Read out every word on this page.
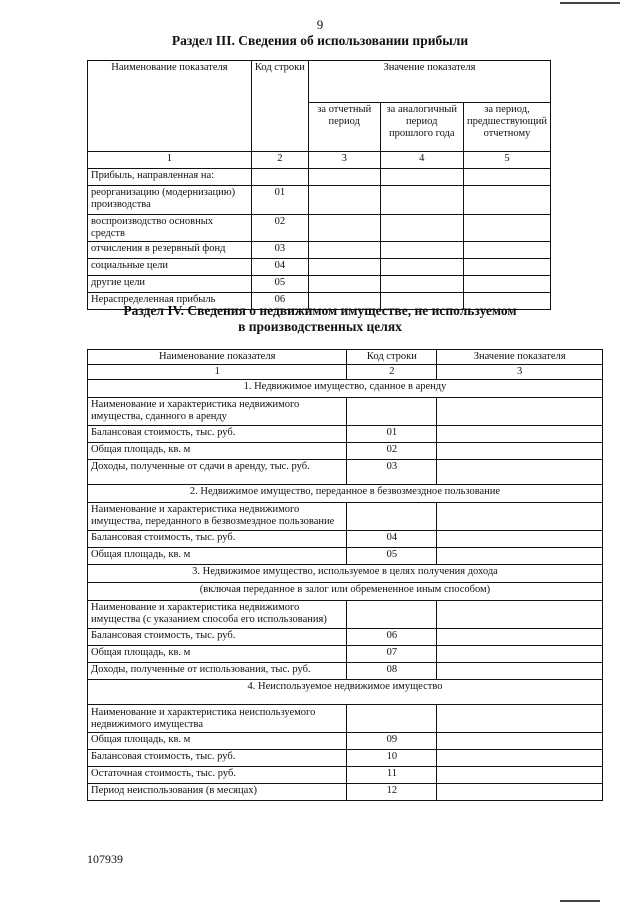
9
Раздел III. Сведения об использовании прибыли
Наименование показателя	Код строки	Значение показателя		
		за отчетный период	за аналогичный период прошлого года	за период, предшествующий отчетному
1	2	3	4	5
Прибыль, направленная на:				
реорганизацию (модернизацию) производства	01			
воспроизводство основных средств	02			
отчисления в резервный фонд	03			
социальные цели	04			
другие цели	05			
Нераспределенная прибыль	06			
Раздел IV. Сведения о недвижимом имуществе, не используемом
в производственных целях
Наименование показателя	Код строки	Значение показателя
1	2	3
1. Недвижимое имущество, сданное в аренду		
Наименование и характеристика недвижимого имущества, сданного в аренду		
Балансовая стоимость, тыс. руб.	01	
Общая площадь, кв. м	02	
Доходы, полученные от сдачи в аренду, тыс. руб.	03	
2. Недвижимое имущество, переданное в безвозмездное пользование		
Наименование и характеристика недвижимого имущества, переданного в безвозмездное пользование		
Балансовая стоимость, тыс. руб.	04	
Общая площадь, кв. м	05	
3. Недвижимое имущество, используемое в целях получения дохода		
(включая переданное в залог или обремененное иным способом)		
Наименование и характеристика недвижимого имущества (с указанием способа его использования)		
Балансовая стоимость, тыс. руб.	06	
Общая площадь, кв. м	07	
Доходы, полученные от использования, тыс. руб.	08	
4. Неиспользуемое недвижимое имущество		
Наименование и характеристика неиспользуемого недвижимого имущества		
Общая площадь, кв. м	09	
Балансовая стоимость, тыс. руб.	10	
Остаточная стоимость, тыс. руб.	11	
Период неиспользования (в месяцах)	12	
107939
